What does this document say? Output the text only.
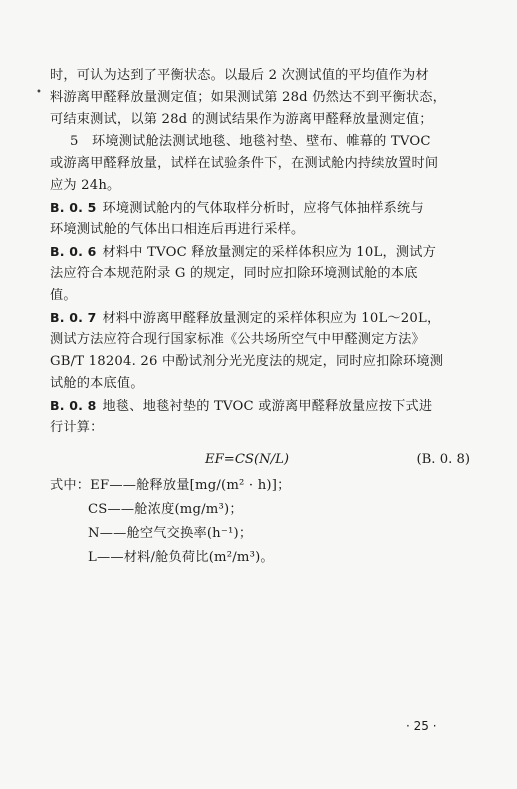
•
时，可认为达到了平衡状态。以最后 2 次测试值的平均值作为材
料游离甲醛释放量测定值；如果测试第 28d 仍然达不到平衡状态，
可结束测试，以第 28d 的测试结果作为游离甲醛释放量测定值；
5　环境测试舱法测试地毯、地毯衬垫、壁布、帷幕的 TVOC
或游离甲醛释放量，试样在试验条件下，在测试舱内持续放置时间
应为 24h。
B. 0. 5 环境测试舱内的气体取样分析时，应将气体抽样系统与
环境测试舱的气体出口相连后再进行采样。
B. 0. 6 材料中 TVOC 释放量测定的采样体积应为 10L，测试方
法应符合本规范附录 G 的规定，同时应扣除环境测试舱的本底
值。
B. 0. 7 材料中游离甲醛释放量测定的采样体积应为 10L～20L，
测试方法应符合现行国家标准《公共场所空气中甲醛测定方法》
GB/T 18204. 26 中酚试剂分光光度法的规定，同时应扣除环境测
试舱的本底值。
B. 0. 8 地毯、地毯衬垫的 TVOC 或游离甲醛释放量应按下式进
行计算：
EF=CS(N/L)	(B. 0. 8)
式中：EF——舱释放量[mg/(m² · h)]；
CS——舱浓度(mg/m³)；
N——舱空气交换率(h⁻¹)；
L——材料/舱负荷比(m²/m³)。
· 25 ·
